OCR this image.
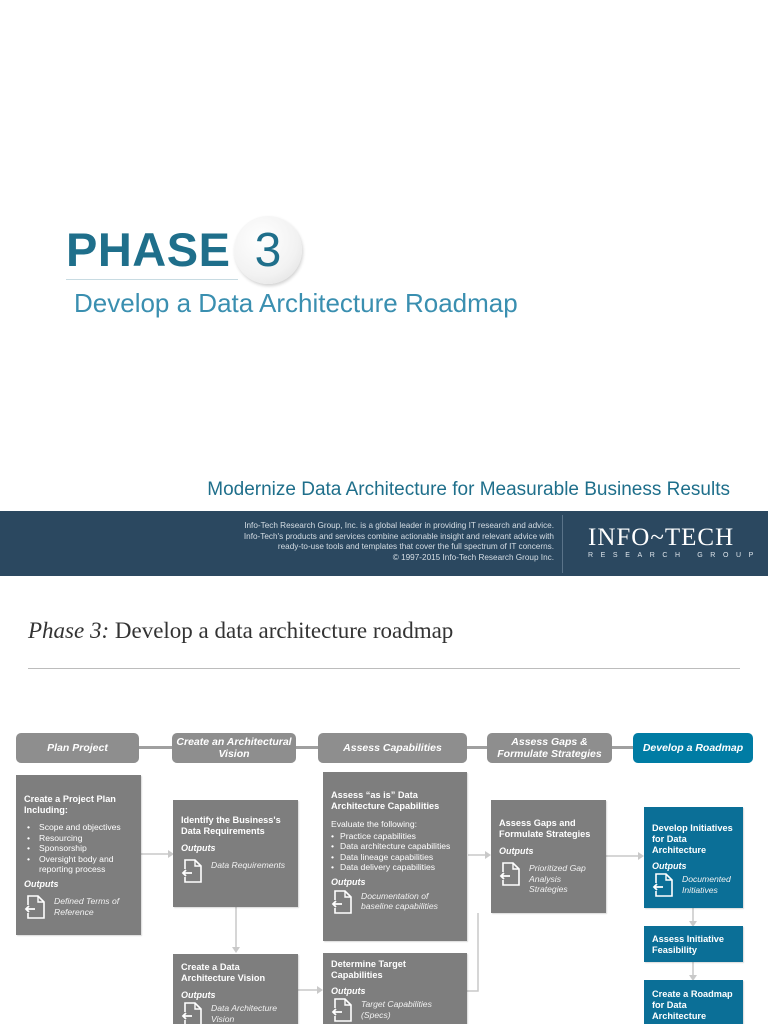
PHASE 3
Develop a Data Architecture Roadmap
Modernize Data Architecture for Measurable Business Results
Info-Tech Research Group, Inc. is a global leader in providing IT research and advice.
Info-Tech's products and services combine actionable insight and relevant advice with
ready-to-use tools and templates that cover the full spectrum of IT concerns.
© 1997-2015 Info-Tech Research Group Inc.
INFO~TECH
RESEARCH GROUP
Phase 3: Develop a data architecture roadmap
Plan Project	Create an Architectural Vision	Assess Capabilities	Assess Gaps & Formulate Strategies	Develop a Roadmap
Create a Project Plan Including:
• Scope and objectives
• Resourcing
• Sponsorship
• Oversight body and reporting process
Outputs
Defined Terms of Reference
Identify the Business's Data Requirements
Outputs
Data Requirements
Create a Data Architecture Vision
Outputs
Data Architecture Vision
Assess “as is” Data Architecture Capabilities
Evaluate the following:
• Practice capabilities
• Data architecture capabilities
• Data lineage capabilities
• Data delivery capabilities
Outputs
Documentation of baseline capabilities
Determine Target Capabilities
Outputs
Target Capabilities (Specs)
Assess Gaps and Formulate Strategies
Outputs
Prioritized Gap Analysis Strategies
Develop Initiatives for Data Architecture
Outputs
Documented Initiatives
Assess Initiative Feasibility
Create a Roadmap for Data Architecture
